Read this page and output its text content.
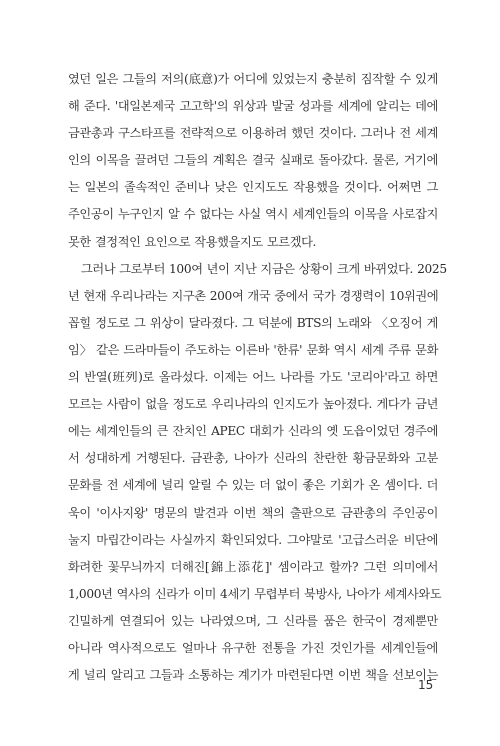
였던 일은 그들의 저의(底意)가 어디에 있었는지 충분히 짐작할 수 있게
해 준다. '대일본제국 고고학'의 위상과 발굴 성과를 세계에 알리는 데에
금관총과 구스타프를 전략적으로 이용하려 했던 것이다. 그러나 전 세계
인의 이목을 끌려던 그들의 계획은 결국 실패로 돌아갔다. 물론, 거기에
는 일본의 졸속적인 준비나 낮은 인지도도 작용했을 것이다. 어쩌면 그
주인공이 누구인지 알 수 없다는 사실 역시 세계인들의 이목을 사로잡지
못한 결정적인 요인으로 작용했을지도 모르겠다.

그러나 그로부터 100여 년이 지난 지금은 상황이 크게 바뀌었다. 2025
년 현재 우리나라는 지구촌 200여 개국 중에서 국가 경쟁력이 10위권에
꼽힐 정도로 그 위상이 달라졌다. 그 덕분에 BTS의 노래와 〈오징어 게
임〉 같은 드라마들이 주도하는 이른바 '한류' 문화 역시 세계 주류 문화
의 반열(班列)로 올라섰다. 이제는 어느 나라를 가도 '코리아'라고 하면
모르는 사람이 없을 정도로 우리나라의 인지도가 높아졌다. 게다가 금년
에는 세계인들의 큰 잔치인 APEC 대회가 신라의 옛 도읍이었던 경주에
서 성대하게 거행된다. 금관총, 나아가 신라의 찬란한 황금문화와 고분
문화를 전 세계에 널리 알릴 수 있는 더 없이 좋은 기회가 온 셈이다. 더
욱이 '이사지왕' 명문의 발견과 이번 책의 출판으로 금관총의 주인공이
눌지 마립간이라는 사실까지 확인되었다. 그야말로 '고급스러운 비단에
화려한 꽃무늬까지 더해진[錦上添花]' 셈이라고 할까? 그런 의미에서
1,000년 역사의 신라가 이미 4세기 무렵부터 북방사, 나아가 세계사와도
긴밀하게 연결되어 있는 나라였으며, 그 신라를 품은 한국이 경제뿐만
아니라 역사적으로도 얼마나 유구한 전통을 가진 것인가를 세계인들에
게 널리 알리고 그들과 소통하는 계기가 마련된다면 이번 책을 선보이는

15
